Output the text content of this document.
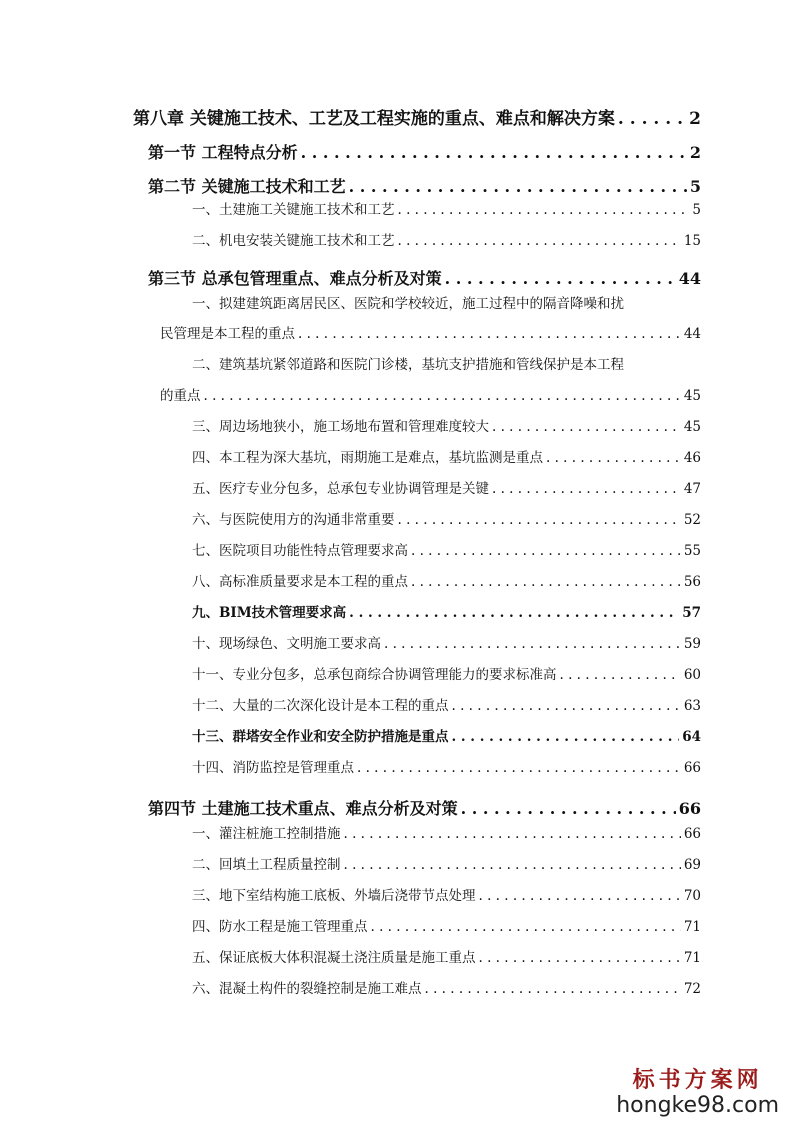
第八章 关键施工技术、工艺及工程实施的重点、难点和解决方案 . . .	2
第一节 工程特点分析 . . .	2
第二节 关键施工技术和工艺 . . .	5
一、土建施工关键施工技术和工艺 . . .	5
二、机电安装关键施工技术和工艺 . . .	15
第三节 总承包管理重点、难点分析及对策 . . .	44
一、拟建建筑距离居民区、医院和学校较近，施工过程中的隔音降噪和扰
民管理是本工程的重点 . . .	44
二、建筑基坑紧邻道路和医院门诊楼，基坑支护措施和管线保护是本工程
的重点 . . .	45
三、周边场地狭小，施工场地布置和管理难度较大 . . .	45
四、本工程为深大基坑，雨期施工是难点，基坑监测是重点 . . .	46
五、医疗专业分包多，总承包专业协调管理是关键 . . .	47
六、与医院使用方的沟通非常重要 . . .	52
七、医院项目功能性特点管理要求高 . . .	55
八、高标准质量要求是本工程的重点 . . .	56
九、BIM技术管理要求高 . . .	57
十、现场绿色、文明施工要求高 . . .	59
十一、专业分包多，总承包商综合协调管理能力的要求标准高 . . .	60
十二、大量的二次深化设计是本工程的重点 . . .	63
十三、群塔安全作业和安全防护措施是重点 . . .	64
十四、消防监控是管理重点 . . .	66
第四节 土建施工技术重点、难点分析及对策 . . .	66
一、灌注桩施工控制措施 . . .	66
二、回填土工程质量控制 . . .	69
三、地下室结构施工底板、外墙后浇带节点处理 . . .	70
四、防水工程是施工管理重点 . . .	71
五、保证底板大体积混凝土浇注质量是施工重点 . . .	71
六、混凝土构件的裂缝控制是施工难点 . . .	72
标书方案网
hongke98.com
